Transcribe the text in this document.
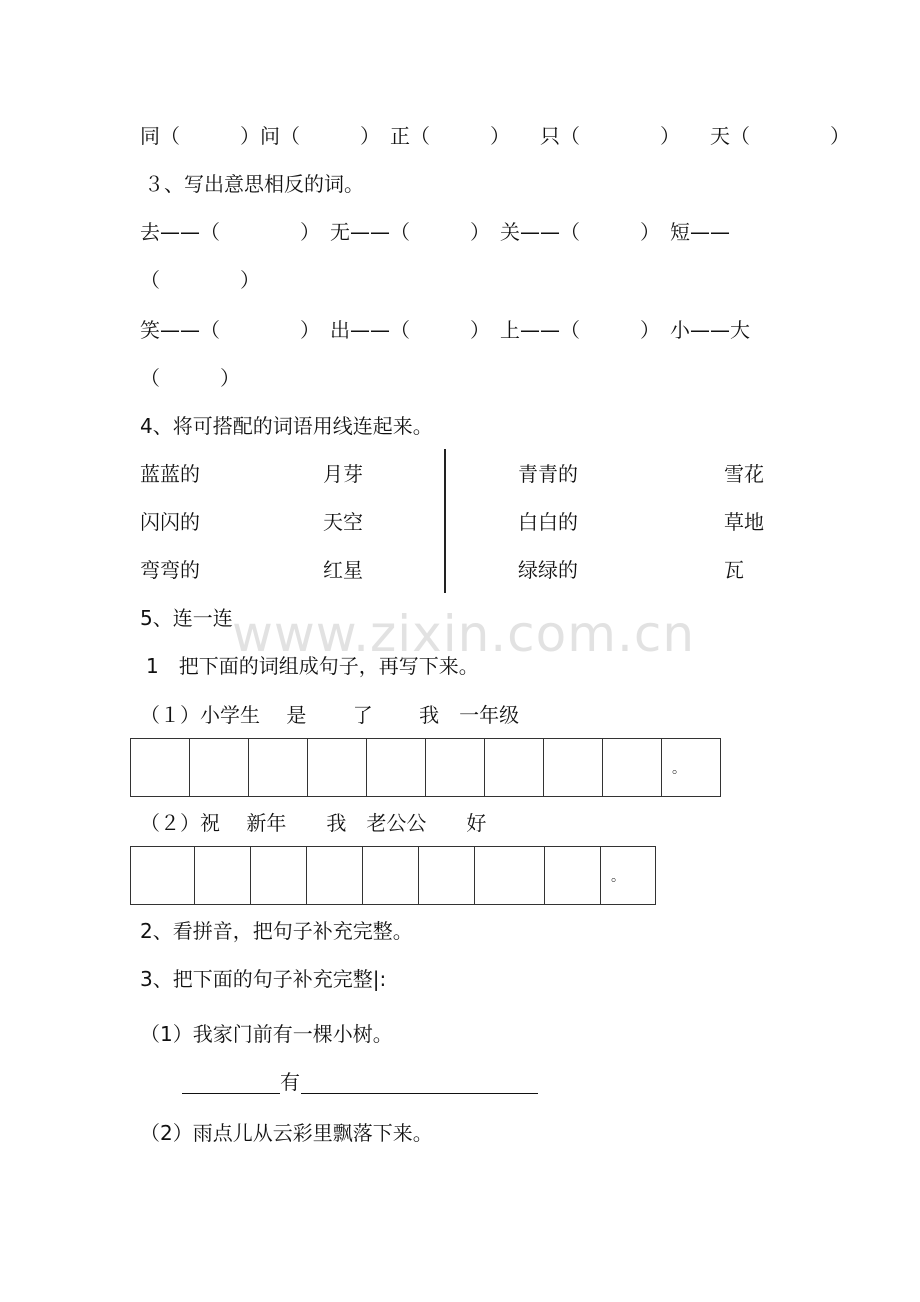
同（　　　）问（　　　）　正（　　　）　　只（　　　　）　　天（　　　　）
３、写出意思相反的词。
去——（　　　　）　无——（　　　）　关——（　　　）　短——
（　　　　）
笑——（　　　　）　出——（　　　）　上——（　　　）　小——大
（　　　）
4、将可搭配的词语用线连起来。
蓝蓝的
闪闪的
弯弯的
月芽
天空
红星
青青的
白白的
绿绿的
雪花
草地
瓦
5、连一连 www.zixin.com.cn
1　把下面的词组成句子，再写下来。
（１）小学生　 是　　 了　　 我　一年级
。
（２）祝　 新年　　我　老公公　　好
。
2、看拼音，把句子补充完整。
3、把下面的句子补充完整|:
（1）我家门前有一棵小树。
有
（2）雨点儿从云彩里飘落下来。
